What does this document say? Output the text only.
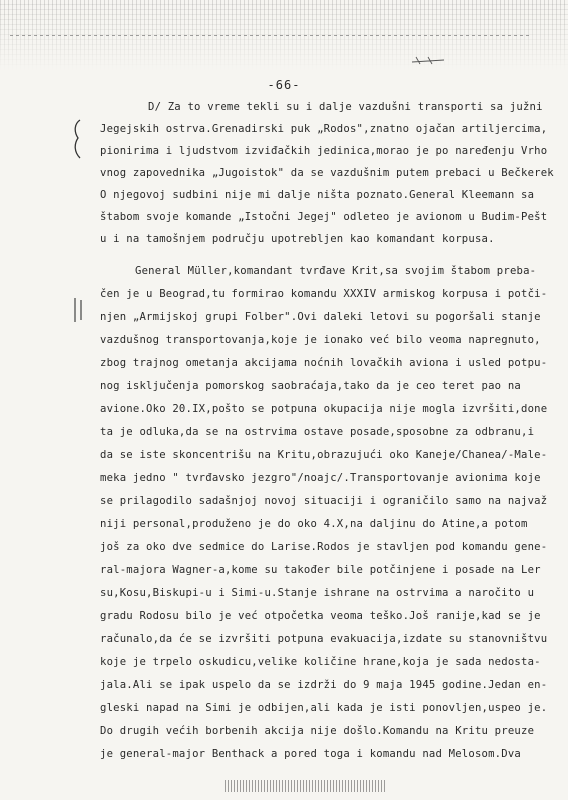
-66-
D/ Za to vreme tekli su i dalje vazdušni transporti sa južni
Jegejskih ostrva.Grenadirski puk „Rodos",znatno ojačan artiljercima,
pionirima i ljudstvom izviđačkih jedinica,morao je po naređenju Vrho
vnog zapovednika „Jugoistok" da se vazdušnim putem prebaci u Bečkerek
O njegovoj sudbini nije mi dalje ništa poznato.General Kleemann sa
štabom svoje komande „Istočni Jegej" odleteo je avionom u Budim-Pešt
u i na tamošnjem području upotrebljen kao komandant korpusa.
General Müller,komandant tvrđave Krit,sa svojim štabom preba-
čen je u Beograd,tu formirao komandu XXXIV armiskog korpusa i potči-
njen „Armijskoj grupi Folber".Ovi daleki letovi su pogoršali stanje
vazdušnog transportovanja,koje je ionako već bilo veoma napregnuto,
zbog trajnog ometanja akcijama noćnih lovačkih aviona i usled potpu-
nog isključenja pomorskog saobraćaja,tako da je ceo teret pao na
avione.Oko 20.IX,pošto se potpuna okupacija nije mogla izvršiti,done
ta je odluka,da se na ostrvima ostave posade,sposobne za odbranu,i
da se iste skoncentrišu na Kritu,obrazujući oko Kaneje/Chanea/-Male-
meka jedno " tvrđavsko jezgro"/noajc/.Transportovanje avionima koje
se prilagodilo sadašnjoj novoj situaciji i ograničilo samo na najvaž
niji personal,produženo je do oko 4.X,na daljinu do Atine,a potom
još za oko dve sedmice do Larise.Rodos je stavljen pod komandu gene-
ral-majora Wagner-a,kome su također bile potčinjene i posade na Ler
su,Kosu,Biskupi-u i Simi-u.Stanje ishrane na ostrvima a naročito u
gradu Rodosu bilo je već otpočetka veoma teško.Još ranije,kad se je
računalo,da će se izvršiti potpuna evakuacija,izdate su stanovništvu
koje je trpelo oskudicu,velike količine hrane,koja je sada nedosta-
jala.Ali se ipak uspelo da se izdrži do 9 maja 1945 godine.Jedan en-
gleski napad na Simi je odbijen,ali kada je isti ponovljen,uspeo je.
Do drugih većih borbenih akcija nije došlo.Komandu na Kritu preuze
je general-major Benthack a pored toga i komandu nad Melosom.Dva
